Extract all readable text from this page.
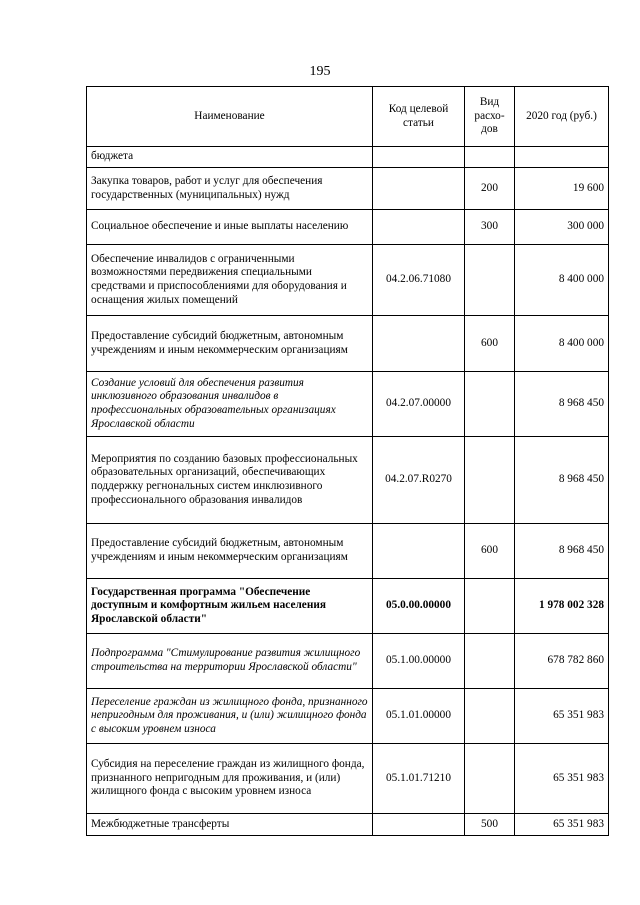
195
Наименование	Код целевой статьи	Вид расхо-дов	2020 год (руб.)
бюджета			
Закупка товаров, работ и услуг для обеспечения государственных (муниципальных) нужд		200	19 600
Социальное обеспечение и иные выплаты населению		300	300 000
Обеспечение инвалидов с ограниченными возможностями передвижения специальными средствами и приспособлениями для оборудования и оснащения жилых помещений	04.2.06.71080		8 400 000
Предоставление субсидий бюджетным, автономным учреждениям и иным некоммерческим организациям		600	8 400 000
Создание условий для обеспечения развития инклюзивного образования инвалидов в профессиональных образовательных организациях Ярославской области	04.2.07.00000		8 968 450
Мероприятия по созданию базовых профессиональных образовательных организаций, обеспечивающих поддержку регнональных систем инклюзивного профессионального образования инвалидов	04.2.07.R0270		8 968 450
Предоставление субсидий бюджетным, автономным учреждениям и иным некоммерческим организациям		600	8 968 450
Государственная программа "Обеспечение доступным и комфортным жильем населения Ярославской области"	05.0.00.00000		1 978 002 328
Подпрограмма "Стимулирование развития жилищного строительства на территории Ярославской области"	05.1.00.00000		678 782 860
Переселение граждан из жилищного фонда, признанного непригодным для проживания, и (или) жилищного фонда с высоким уровнем износа	05.1.01.00000		65 351 983
Субсидия на переселение граждан из жилищного фонда, признанного непригодным для проживания, и (или) жилищного фонда с высоким уровнем износа	05.1.01.71210		65 351 983
Межбюджетные трансферты		500	65 351 983
